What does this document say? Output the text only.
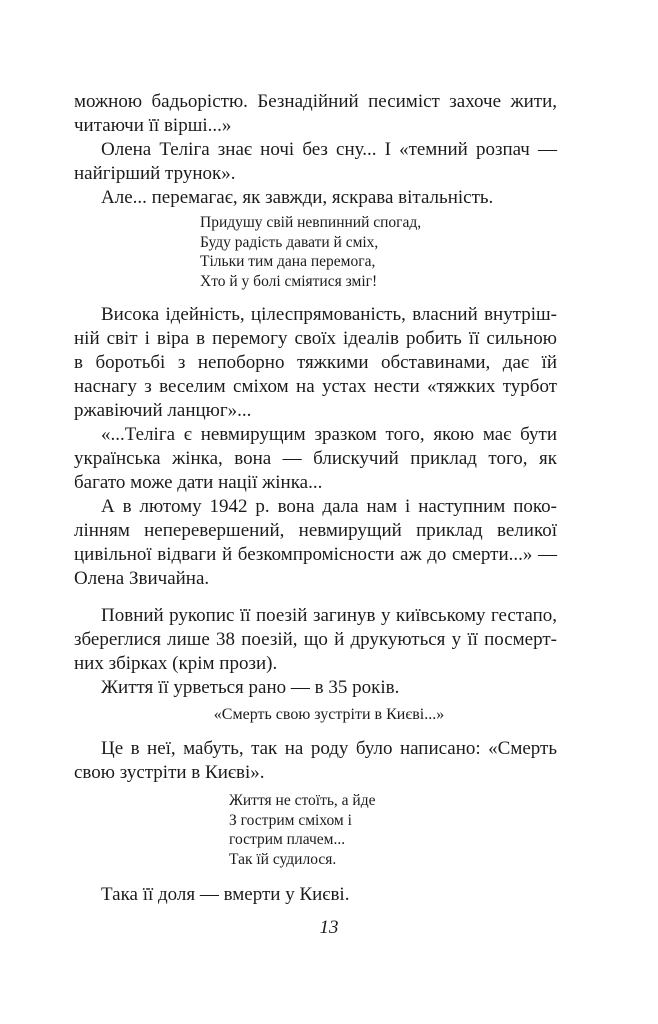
можною бадьорістю. Безнадійний песиміст захоче жити,
читаючи її вірші...»
Олена Теліга знає ночі без сну... І «темний розпач —
найгірший трунок».
Але... перемагає, як завжди, яскрава вітальність.
Придушу свій невпинний спогад,
Буду радість давати й сміх,
Тільки тим дана перемога,
Хто й у болі сміятися зміг!
Висока ідейність, цілеспрямованість, власний внутріш-
ній світ і віра в перемогу своїх ідеалів робить її сильною
в боротьбі з непоборно тяжкими обставинами, дає їй
наснагу з веселим сміхом на устах нести «тяжких турбот
ржавіючий ланцюг»...
«...Теліга є невмирущим зразком того, якою має бути
українська жінка, вона — блискучий приклад того, як
багато може дати нації жінка...
А в лютому 1942 р. вона дала нам і наступним поко-
лінням неперевершений, невмирущий приклад великої
цивільної відваги й безкомпромісности аж до смерти...» —
Олена Звичайна.
Повний рукопис її поезій загинув у київському гестапо,
збереглися лише 38 поезій, що й друкуються у її посмерт-
них збірках (крім прози).
Життя її урветься рано — в 35 років.
«Смерть свою зустріти в Києві...»
Це в неї, мабуть, так на роду було написано: «Смерть
свою зустріти в Києві».
Життя не стоїть, а йде
З гострим сміхом і
гострим плачем...
Так їй судилося.
Така її доля — вмерти у Києві.
13
